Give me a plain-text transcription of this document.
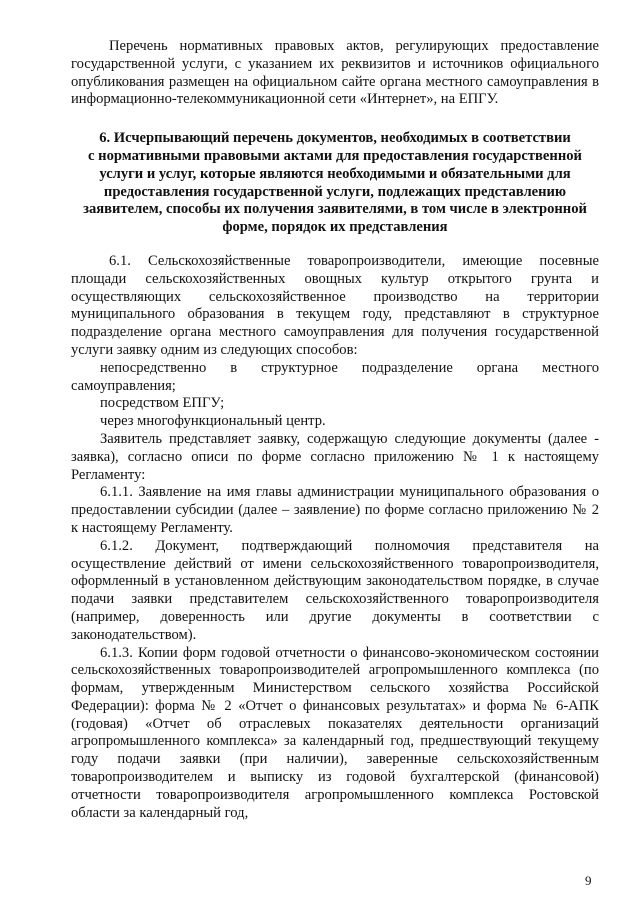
Перечень нормативных правовых актов, регулирующих предоставление государственной услуги, с указанием их реквизитов и источников официального опубликования размещен на официальном сайте органа местного самоуправления в информационно-телекоммуникационной сети «Интернет», на ЕПГУ.

6. Исчерпывающий перечень документов, необходимых в соответствии
с нормативными правовыми актами для предоставления государственной
услуги и услуг, которые являются необходимыми и обязательными для
предоставления государственной услуги, подлежащих представлению
заявителем, способы их получения заявителями, в том числе в электронной
форме, порядок их представления

6.1. Сельскохозяйственные товаропроизводители, имеющие посевные площади сельскохозяйственных овощных культур открытого грунта и осуществляющих сельскохозяйственное производство на территории муниципального образования в текущем году, представляют в структурное подразделение органа местного самоуправления для получения государственной услуги заявку одним из следующих способов:

непосредственно в структурное подразделение органа местного самоуправления;

посредством ЕПГУ;

через многофункциональный центр.

Заявитель представляет заявку, содержащую следующие документы (далее - заявка), согласно описи по форме согласно приложению № 1 к настоящему Регламенту:

6.1.1. Заявление на имя главы администрации муниципального образования о предоставлении субсидии (далее – заявление) по форме согласно приложению № 2 к настоящему Регламенту.

6.1.2. Документ, подтверждающий полномочия представителя на осуществление действий от имени сельскохозяйственного товаропроизводителя, оформленный в установленном действующим законодательством порядке, в случае подачи заявки представителем сельскохозяйственного товаропроизводителя (например, доверенность или другие документы в соответствии с законодательством).

6.1.3. Копии форм годовой отчетности о финансово-экономическом состоянии сельскохозяйственных товаропроизводителей агропромышленного комплекса (по формам, утвержденным Министерством сельского хозяйства Российской Федерации): форма № 2 «Отчет о финансовых результатах» и форма № 6-АПК (годовая) «Отчет об отраслевых показателях деятельности организаций агропромышленного комплекса» за календарный год, предшествующий текущему году подачи заявки (при наличии), заверенные сельскохозяйственным товаропроизводителем и выписку из годовой бухгалтерской (финансовой) отчетности товаропроизводителя агропромышленного комплекса Ростовской области за календарный год,

9
